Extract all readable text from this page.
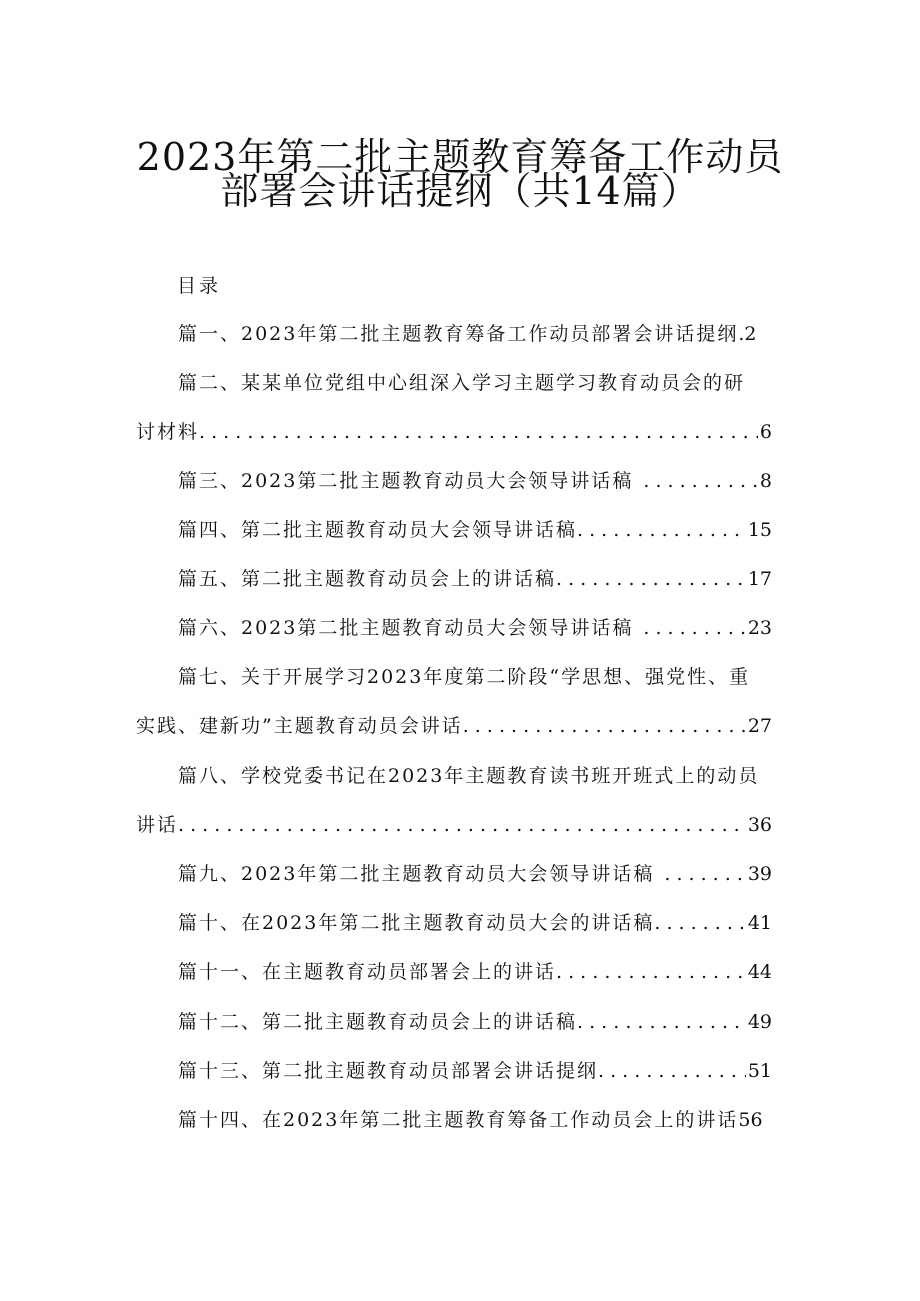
2023年第二批主题教育筹备工作动员
部署会讲话提纲（共14篇）
目录
篇一、2023年第二批主题教育筹备工作动员部署会讲话提纲 .2
篇二、某某单位党组中心组深入学习主题学习教育动员会的研
讨材料 . . .	6
篇三、2023第二批主题教育动员大会领导讲话稿 . . .	8
篇四、第二批主题教育动员大会领导讲话稿 . . .	15
篇五、第二批主题教育动员会上的讲话稿 . . .	17
篇六、2023第二批主题教育动员大会领导讲话稿 . . .	23
篇七、关于开展学习2023年度第二阶段“学思想、强党性、重
实践、建新功”主题教育动员会讲话 . . .	27
篇八、学校党委书记在2023年主题教育读书班开班式上的动员
讲话 . . .	36
篇九、2023年第二批主题教育动员大会领导讲话稿 . . .	39
篇十、在2023年第二批主题教育动员大会的讲话稿 . . .	41
篇十一、在主题教育动员部署会上的讲话 . . .	44
篇十二、第二批主题教育动员会上的讲话稿 . . .	49
篇十三、第二批主题教育动员部署会讲话提纲 . . .	51
篇十四、在2023年第二批主题教育筹备工作动员会上的讲话 56
